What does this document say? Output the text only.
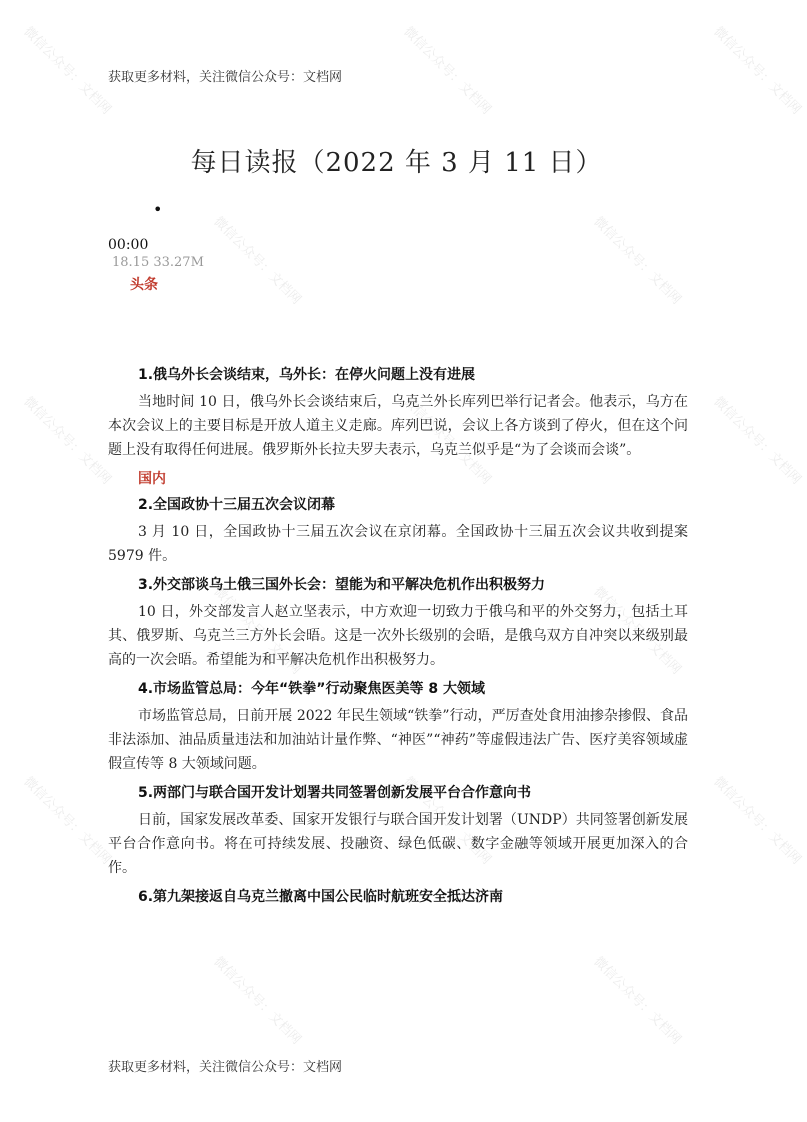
微信公众号：文档网	微信公众号：文档网	微信公众号：文档网
微信公众号：文档网	微信公众号：文档网
微信公众号：文档网	微信公众号：文档网	微信公众号：文档网
微信公众号：文档网	微信公众号：文档网
微信公众号：文档网	微信公众号：文档网	微信公众号：文档网
微信公众号：文档网	微信公众号：文档网
获取更多材料，关注微信公众号：文档网
每日读报（2022 年 3 月 11 日）
•
00:00
18.15 33.27M
头条
1.俄乌外长会谈结束，乌外长：在停火问题上没有进展
当地时间 10 日，俄乌外长会谈结束后，乌克兰外长库列巴举行记者会。他表示，乌方在本次会议上的主要目标是开放人道主义走廊。库列巴说，会议上各方谈到了停火，但在这个问题上没有取得任何进展。俄罗斯外长拉夫罗夫表示，乌克兰似乎是“为了会谈而会谈”。
国内
2.全国政协十三届五次会议闭幕
3 月 10 日，全国政协十三届五次会议在京闭幕。全国政协十三届五次会议共收到提案 5979 件。
3.外交部谈乌土俄三国外长会：望能为和平解决危机作出积极努力
10 日，外交部发言人赵立坚表示，中方欢迎一切致力于俄乌和平的外交努力，包括土耳其、俄罗斯、乌克兰三方外长会晤。这是一次外长级别的会晤，是俄乌双方自冲突以来级别最高的一次会晤。希望能为和平解决危机作出积极努力。
4.市场监管总局：今年“铁拳”行动聚焦医美等 8 大领域
市场监管总局，日前开展 2022 年民生领域“铁拳”行动，严厉查处食用油掺杂掺假、食品非法添加、油品质量违法和加油站计量作弊、“神医”“神药”等虚假违法广告、医疗美容领域虚假宣传等 8 大领域问题。
5.两部门与联合国开发计划署共同签署创新发展平台合作意向书
日前，国家发展改革委、国家开发银行与联合国开发计划署（UNDP）共同签署创新发展平台合作意向书。将在可持续发展、投融资、绿色低碳、数字金融等领域开展更加深入的合作。
6.第九架接返自乌克兰撤离中国公民临时航班安全抵达济南
获取更多材料，关注微信公众号：文档网
